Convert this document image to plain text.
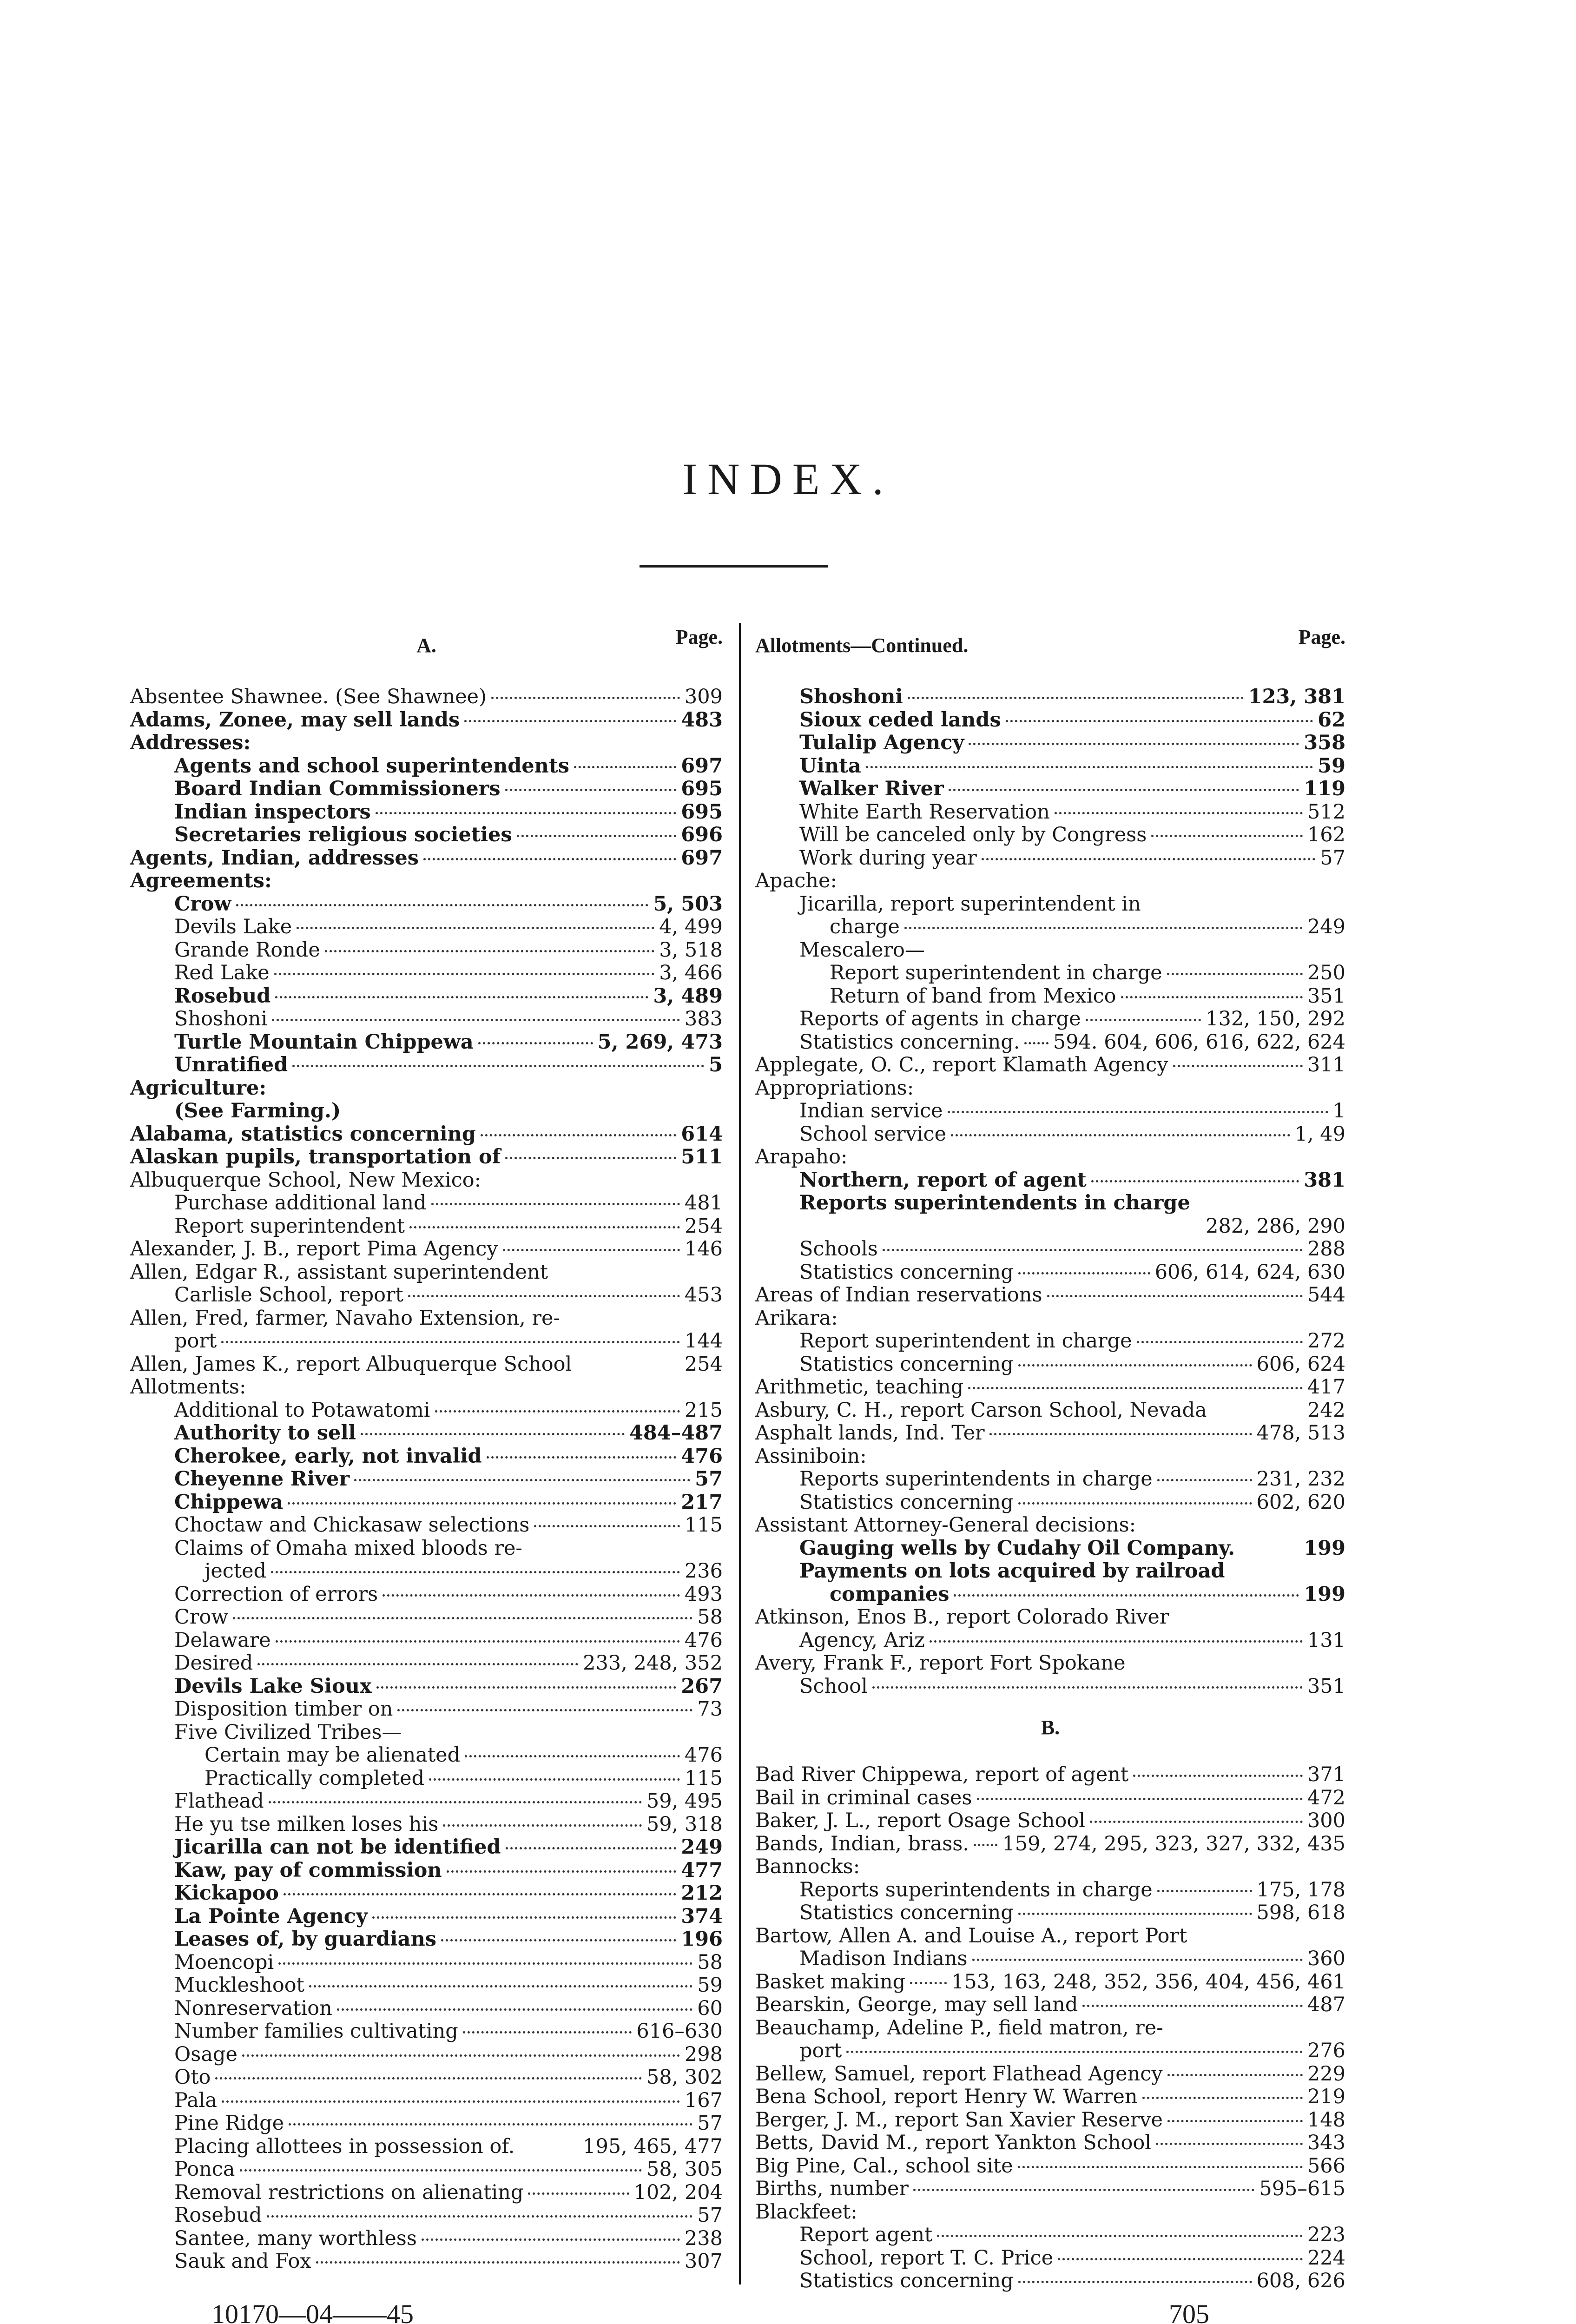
INDEX.
A.	Page.
Absentee Shawnee. (See Shawnee)	309
Adams, Zonee, may sell lands	483
Addresses:
Agents and school superintendents	697
Board Indian Commissioners	695
Indian inspectors	695
Secretaries religious societies	696
Agents, Indian, addresses	697
Agreements:
Crow	5, 503
Devils Lake	4, 499
Grande Ronde	3, 518
Red Lake	3, 466
Rosebud	3, 489
Shoshoni	383
Turtle Mountain Chippewa	5, 269, 473
Unratified	5
Agriculture:
(See Farming.)
Alabama, statistics concerning	614
Alaskan pupils, transportation of	511
Albuquerque School, New Mexico:
Purchase additional land	481
Report superintendent	254
Alexander, J. B., report Pima Agency	146
Allen, Edgar R., assistant superintendent
Carlisle School, report	453
Allen, Fred, farmer, Navaho Extension, re-
port	144
Allen, James K., report Albuquerque School	254
Allotments:
Additional to Potawatomi	215
Authority to sell	484–487
Cherokee, early, not invalid	476
Cheyenne River	57
Chippewa	217
Choctaw and Chickasaw selections	115
Claims of Omaha mixed bloods re-
jected	236
Correction of errors	493
Crow	58
Delaware	476
Desired	233, 248, 352
Devils Lake Sioux	267
Disposition timber on	73
Five Civilized Tribes—
Certain may be alienated	476
Practically completed	115
Flathead	59, 495
He yu tse milken loses his	59, 318
Jicarilla can not be identified	249
Kaw, pay of commission	477
Kickapoo	212
La Pointe Agency	374
Leases of, by guardians	196
Moencopi	58
Muckleshoot	59
Nonreservation	60
Number families cultivating	616–630
Osage	298
Oto	58, 302
Pala	167
Pine Ridge	57
Placing allottees in possession of.	195, 465, 477
Ponca	58, 305
Removal restrictions on alienating	102, 204
Rosebud	57
Santee, many worthless	238
Sauk and Fox	307
Allotments—Continued.	Page.
Shoshoni	123, 381
Sioux ceded lands	62
Tulalip Agency	358
Uinta	59
Walker River	119
White Earth Reservation	512
Will be canceled only by Congress	162
Work during year	57
Apache:
Jicarilla, report superintendent in
charge	249
Mescalero—
Report superintendent in charge	250
Return of band from Mexico	351
Reports of agents in charge	132, 150, 292
Statistics concerning. 594. 604, 606, 616, 622, 624
Applegate, O. C., report Klamath Agency	311
Appropriations:
Indian service	1
School service	1, 49
Arapaho:
Northern, report of agent	381
Reports superintendents in charge
282, 286, 290
Schools	288
Statistics concerning	606, 614, 624, 630
Areas of Indian reservations	544
Arikara:
Report superintendent in charge	272
Statistics concerning	606, 624
Arithmetic, teaching	417
Asbury, C. H., report Carson School, Nevada	242
Asphalt lands, Ind. Ter	478, 513
Assiniboin:
Reports superintendents in charge	231, 232
Statistics concerning	602, 620
Assistant Attorney-General decisions:
Gauging wells by Cudahy Oil Company.	199
Payments on lots acquired by railroad
companies	199
Atkinson, Enos B., report Colorado River
Agency, Ariz	131
Avery, Frank F., report Fort Spokane
School	351
B.
Bad River Chippewa, report of agent	371
Bail in criminal cases	472
Baker, J. L., report Osage School	300
Bands, Indian, brass. 159, 274, 295, 323, 327, 332, 435
Bannocks:
Reports superintendents in charge	175, 178
Statistics concerning	598, 618
Bartow, Allen A. and Louise A., report Port
Madison Indians	360
Basket making 153, 163, 248, 352, 356, 404, 456, 461
Bearskin, George, may sell land	487
Beauchamp, Adeline P., field matron, re-
port	276
Bellew, Samuel, report Flathead Agency	229
Bena School, report Henry W. Warren	219
Berger, J. M., report San Xavier Reserve	148
Betts, David M., report Yankton School	343
Big Pine, Cal., school site	566
Births, number	595–615
Blackfeet:
Report agent	223
School, report T. C. Price	224
Statistics concerning	608, 626
10170—04——45	705
